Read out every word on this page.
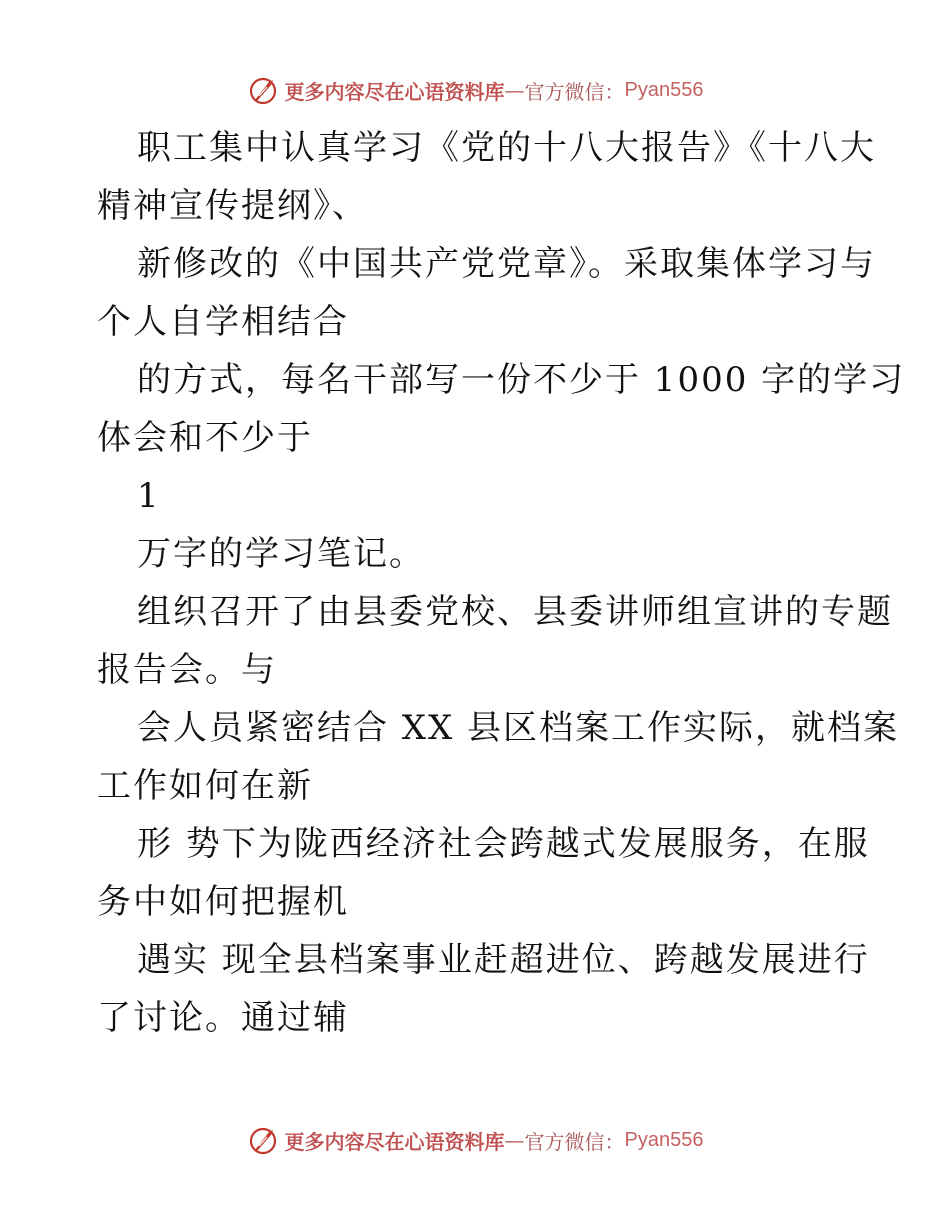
更多内容尽在心语资料库 — 官方微信： Pyan556
职工集中认真学习《党的十八大报告》《十八大
精神宣传提纲》、
新修改的《中国共产党党章》。采取集体学习与
个人自学相结合
的方式，每名干部写一份不少于 1000 字的学习
体会和不少于
1
万字的学习笔记。
组织召开了由县委党校、县委讲师组宣讲的专题
报告会。与
会人员紧密结合 XX 县区档案工作实际，就档案
工作如何在新
形 势下为陇西经济社会跨越式发展服务，在服
务中如何把握机
遇实 现全县档案事业赶超进位、跨越发展进行
了讨论。通过辅
更多内容尽在心语资料库 — 官方微信： Pyan556
